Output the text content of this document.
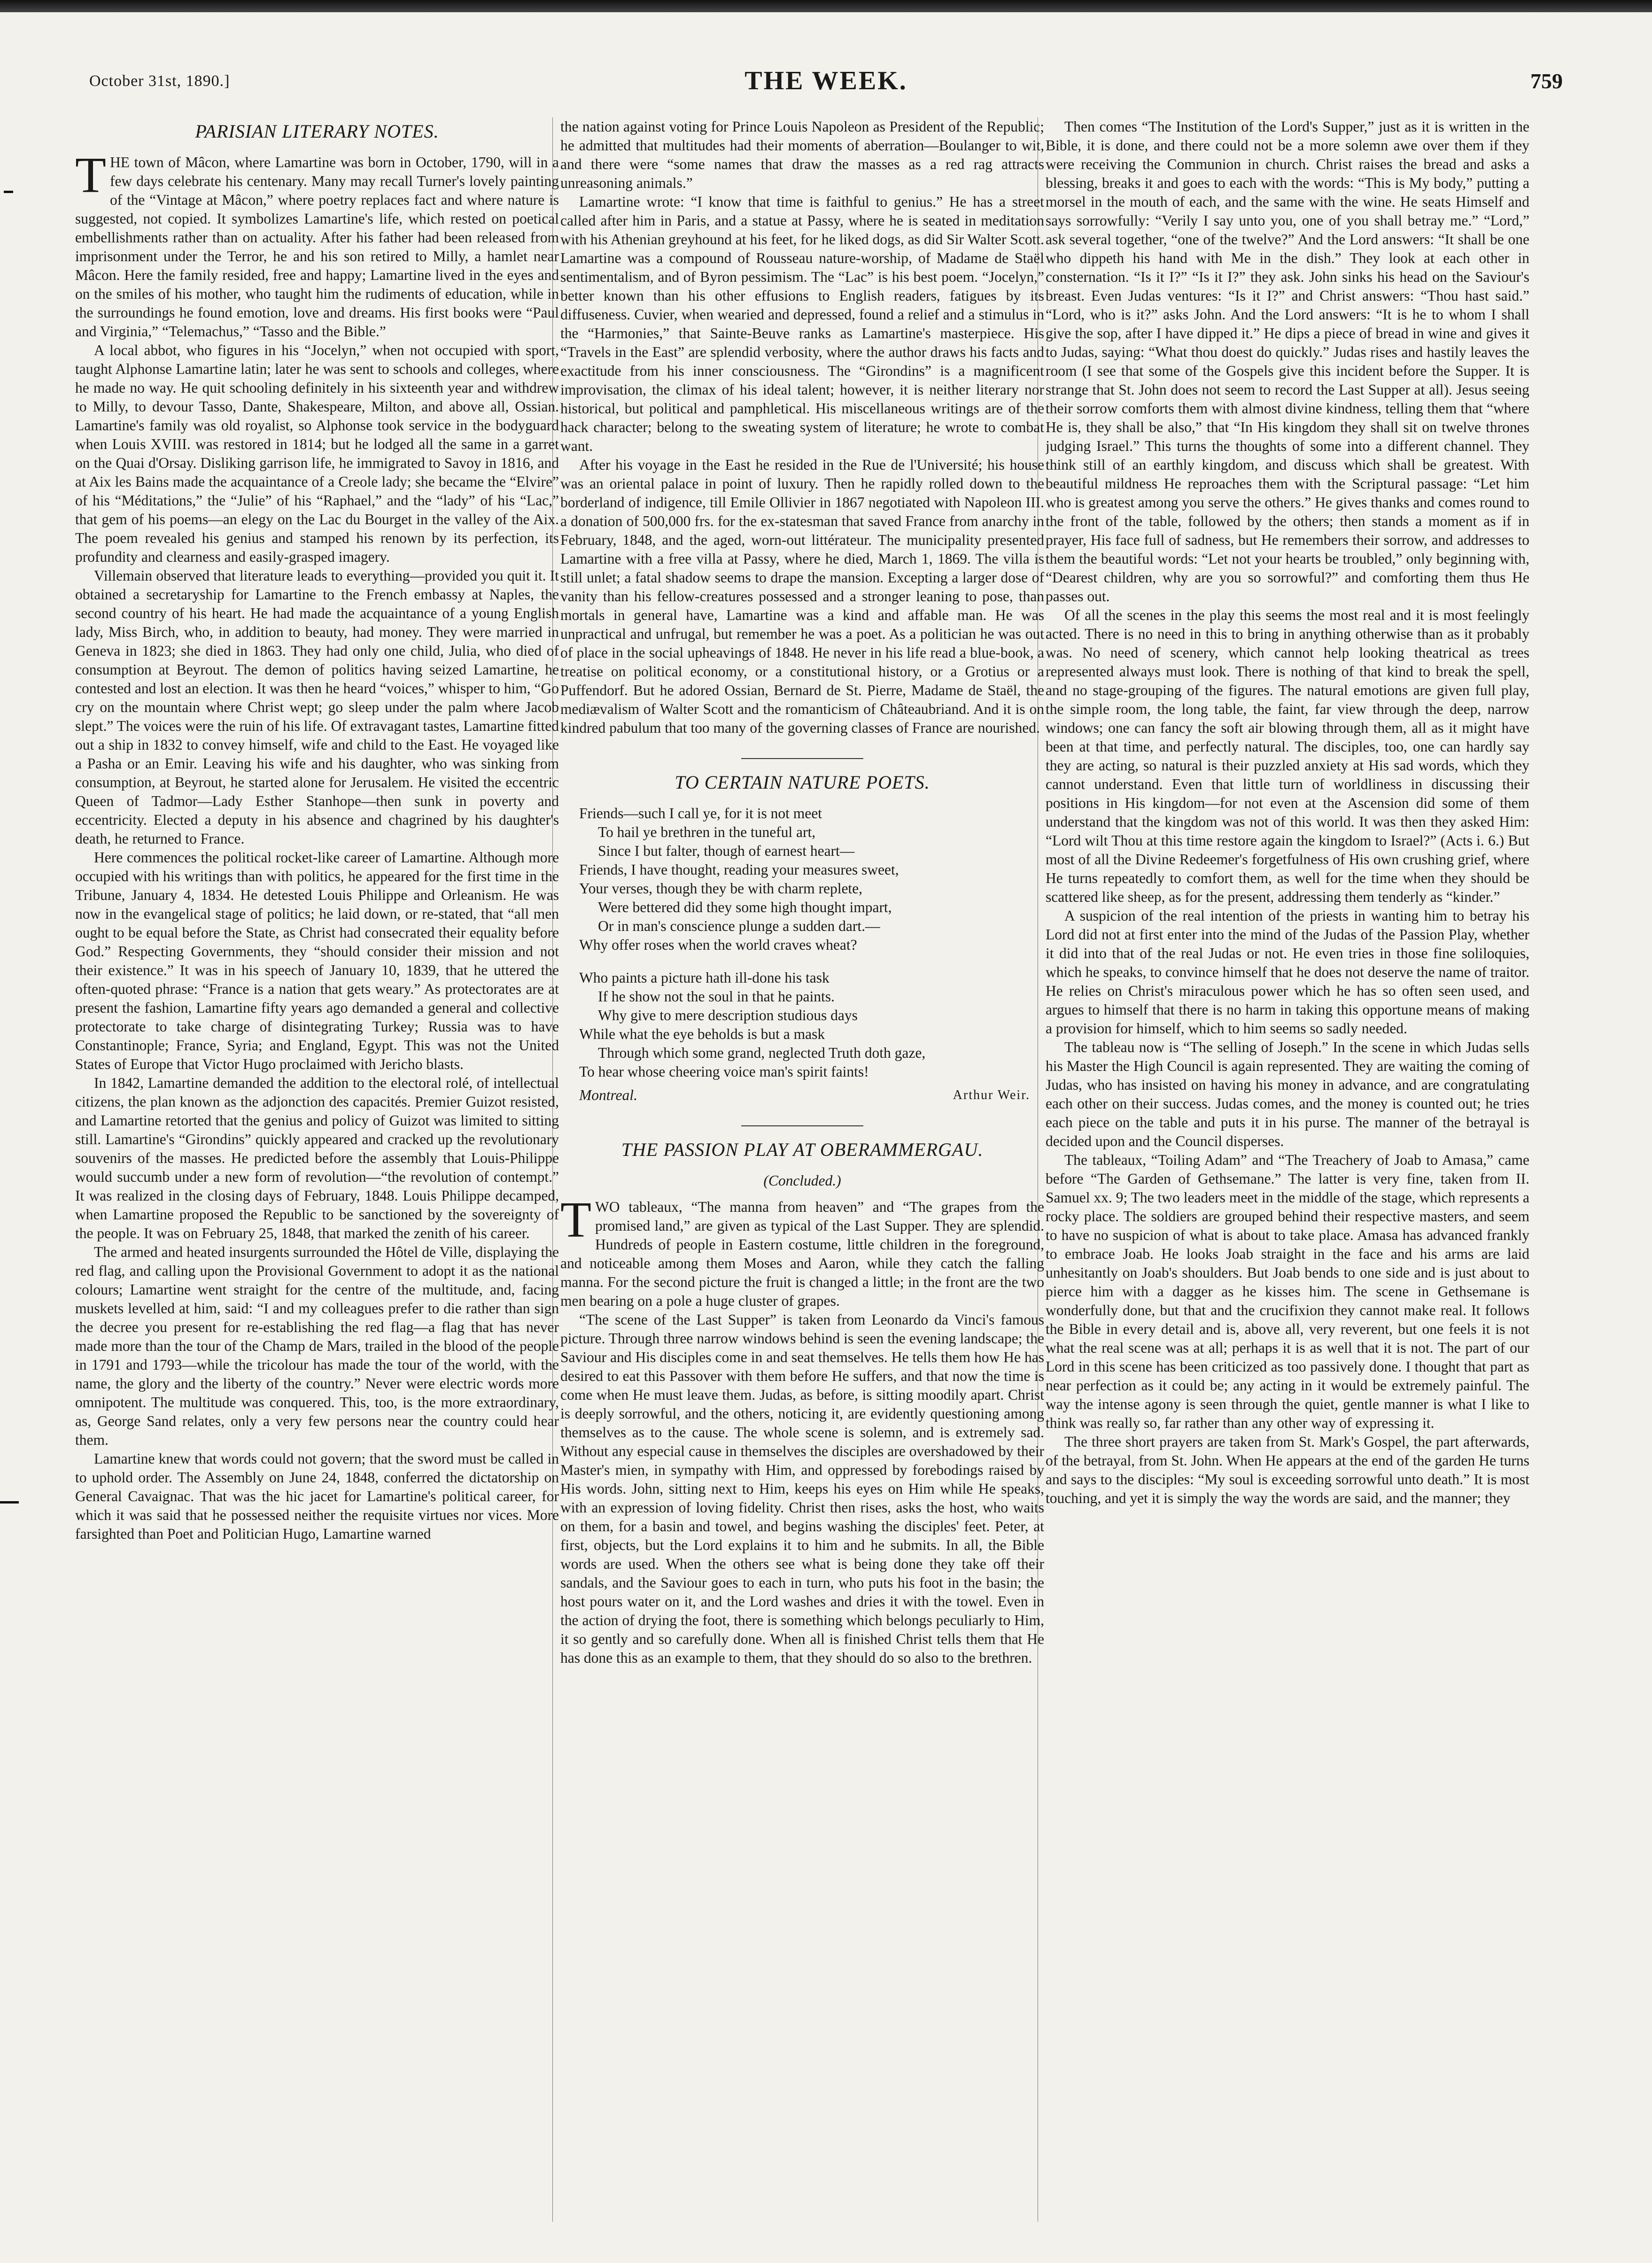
October 31st, 1890.]	THE WEEK.	759
PARISIAN LITERARY NOTES.

THE town of Mâcon, where Lamartine was born in October, 1790, will in a few days celebrate his centenary. Many may recall Turner's lovely painting of the “Vintage at Mâcon,” where poetry replaces fact and where nature is suggested, not copied. It symbolizes Lamartine's life, which rested on poetical embellishments rather than on actuality. After his father had been released from imprisonment under the Terror, he and his son retired to Milly, a hamlet near Mâcon. Here the family resided, free and happy; Lamartine lived in the eyes and on the smiles of his mother, who taught him the rudiments of education, while in the surroundings he found emotion, love and dreams. His first books were “Paul and Virginia,” “Telemachus,” “Tasso and the Bible.”

A local abbot, who figures in his “Jocelyn,” when not occupied with sport, taught Alphonse Lamartine latin; later he was sent to schools and colleges, where he made no way. He quit schooling definitely in his sixteenth year and withdrew to Milly, to devour Tasso, Dante, Shakespeare, Milton, and above all, Ossian. Lamartine's family was old royalist, so Alphonse took service in the bodyguard when Louis XVIII. was restored in 1814; but he lodged all the same in a garret on the Quai d'Orsay. Disliking garrison life, he immigrated to Savoy in 1816, and at Aix les Bains made the acquaintance of a Creole lady; she became the “Elvire” of his “Méditations,” the “Julie” of his “Raphael,” and the “lady” of his “Lac,” that gem of his poems—an elegy on the Lac du Bourget in the valley of the Aix. The poem revealed his genius and stamped his renown by its perfection, its profundity and clearness and easily-grasped imagery.

Villemain observed that literature leads to everything—provided you quit it. It obtained a secretaryship for Lamartine to the French embassy at Naples, the second country of his heart. He had made the acquaintance of a young English lady, Miss Birch, who, in addition to beauty, had money. They were married in Geneva in 1823; she died in 1863. They had only one child, Julia, who died of consumption at Beyrout. The demon of politics having seized Lamartine, he contested and lost an election. It was then he heard “voices,” whisper to him, “Go cry on the mountain where Christ wept; go sleep under the palm where Jacob slept.” The voices were the ruin of his life. Of extravagant tastes, Lamartine fitted out a ship in 1832 to convey himself, wife and child to the East. He voyaged like a Pasha or an Emir. Leaving his wife and his daughter, who was sinking from consumption, at Beyrout, he started alone for Jerusalem. He visited the eccentric Queen of Tadmor—Lady Esther Stanhope—then sunk in poverty and eccentricity. Elected a deputy in his absence and chagrined by his daughter's death, he returned to France.

Here commences the political rocket-like career of Lamartine. Although more occupied with his writings than with politics, he appeared for the first time in the Tribune, January 4, 1834. He detested Louis Philippe and Orleanism. He was now in the evangelical stage of politics; he laid down, or re-stated, that “all men ought to be equal before the State, as Christ had consecrated their equality before God.” Respecting Governments, they “should consider their mission and not their existence.” It was in his speech of January 10, 1839, that he uttered the often-quoted phrase: “France is a nation that gets weary.” As protectorates are at present the fashion, Lamartine fifty years ago demanded a general and collective protectorate to take charge of disintegrating Turkey; Russia was to have Constantinople; France, Syria; and England, Egypt. This was not the United States of Europe that Victor Hugo proclaimed with Jericho blasts.

In 1842, Lamartine demanded the addition to the electoral rolé, of intellectual citizens, the plan known as the adjonction des capacités. Premier Guizot resisted, and Lamartine retorted that the genius and policy of Guizot was limited to sitting still. Lamartine's “Girondins” quickly appeared and cracked up the revolutionary souvenirs of the masses. He predicted before the assembly that Louis-Philippe would succumb under a new form of revolution—“the revolution of contempt.” It was realized in the closing days of February, 1848. Louis Philippe decamped, when Lamartine proposed the Republic to be sanctioned by the sovereignty of the people. It was on February 25, 1848, that marked the zenith of his career.

The armed and heated insurgents surrounded the Hôtel de Ville, displaying the red flag, and calling upon the Provisional Government to adopt it as the national colours; Lamartine went straight for the centre of the multitude, and, facing muskets levelled at him, said: “I and my colleagues prefer to die rather than sign the decree you present for re-establishing the red flag—a flag that has never made more than the tour of the Champ de Mars, trailed in the blood of the people in 1791 and 1793—while the tricolour has made the tour of the world, with the name, the glory and the liberty of the country.” Never were electric words more omnipotent. The multitude was conquered. This, too, is the more extraordinary, as, George Sand relates, only a very few persons near the country could hear them.

Lamartine knew that words could not govern; that the sword must be called in to uphold order. The Assembly on June 24, 1848, conferred the dictatorship on General Cavaignac. That was the hic jacet for Lamartine's political career, for which it was said that he possessed neither the requisite virtues nor vices. More farsighted than Poet and Politician Hugo, Lamartine warned

the nation against voting for Prince Louis Napoleon as President of the Republic; he admitted that multitudes had their moments of aberration—Boulanger to wit, and there were “some names that draw the masses as a red rag attracts unreasoning animals.”

Lamartine wrote: “I know that time is faithful to genius.” He has a street called after him in Paris, and a statue at Passy, where he is seated in meditation with his Athenian greyhound at his feet, for he liked dogs, as did Sir Walter Scott. Lamartine was a compound of Rousseau nature-worship, of Madame de Staël sentimentalism, and of Byron pessimism. The “Lac” is his best poem. “Jocelyn,” better known than his other effusions to English readers, fatigues by its diffuseness. Cuvier, when wearied and depressed, found a relief and a stimulus in the “Harmonies,” that Sainte-Beuve ranks as Lamartine's masterpiece. His “Travels in the East” are splendid verbosity, where the author draws his facts and exactitude from his inner consciousness. The “Girondins” is a magnificent improvisation, the climax of his ideal talent; however, it is neither literary nor historical, but political and pamphletical. His miscellaneous writings are of the hack character; belong to the sweating system of literature; he wrote to combat want.

After his voyage in the East he resided in the Rue de l'Université; his house was an oriental palace in point of luxury. Then he rapidly rolled down to the borderland of indigence, till Emile Ollivier in 1867 negotiated with Napoleon III. a donation of 500,000 frs. for the ex-statesman that saved France from anarchy in February, 1848, and the aged, worn-out littérateur. The municipality presented Lamartine with a free villa at Passy, where he died, March 1, 1869. The villa is still unlet; a fatal shadow seems to drape the mansion. Excepting a larger dose of vanity than his fellow-creatures possessed and a stronger leaning to pose, than mortals in general have, Lamartine was a kind and affable man. He was unpractical and unfrugal, but remember he was a poet. As a politician he was out of place in the social upheavings of 1848. He never in his life read a blue-book, a treatise on political economy, or a constitutional history, or a Grotius or a Puffendorf. But he adored Ossian, Bernard de St. Pierre, Madame de Staël, the mediævalism of Walter Scott and the romanticism of Châteaubriand. And it is on kindred pabulum that too many of the governing classes of France are nourished.

TO CERTAIN NATURE POETS.
Friends—such I call ye, for it is not meet
To hail ye brethren in the tuneful art,
Since I but falter, though of earnest heart—
Friends, I have thought, reading your measures sweet,
Your verses, though they be with charm replete,
Were bettered did they some high thought impart,
Or in man's conscience plunge a sudden dart.—
Why offer roses when the world craves wheat?
Who paints a picture hath ill-done his task
If he show not the soul in that he paints.
Why give to mere description studious days
While what the eye beholds is but a mask
Through which some grand, neglected Truth doth gaze,
To hear whose cheering voice man's spirit faints!
Montreal.	Arthur Weir.
THE PASSION PLAY AT OBERAMMERGAU.
(Concluded.)

TWO tableaux, “The manna from heaven” and “The grapes from the promised land,” are given as typical of the Last Supper. They are splendid. Hundreds of people in Eastern costume, little children in the foreground, and noticeable among them Moses and Aaron, while they catch the falling manna. For the second picture the fruit is changed a little; in the front are the two men bearing on a pole a huge cluster of grapes.

“The scene of the Last Supper” is taken from Leonardo da Vinci's famous picture. Through three narrow windows behind is seen the evening landscape; the Saviour and His disciples come in and seat themselves. He tells them how He has desired to eat this Passover with them before He suffers, and that now the time is come when He must leave them. Judas, as before, is sitting moodily apart. Christ is deeply sorrowful, and the others, noticing it, are evidently questioning among themselves as to the cause. The whole scene is solemn, and is extremely sad. Without any especial cause in themselves the disciples are overshadowed by their Master's mien, in sympathy with Him, and oppressed by forebodings raised by His words. John, sitting next to Him, keeps his eyes on Him while He speaks, with an expression of loving fidelity. Christ then rises, asks the host, who waits on them, for a basin and towel, and begins washing the disciples' feet. Peter, at first, objects, but the Lord explains it to him and he submits. In all, the Bible words are used. When the others see what is being done they take off their sandals, and the Saviour goes to each in turn, who puts his foot in the basin; the host pours water on it, and the Lord washes and dries it with the towel. Even in the action of drying the foot, there is something which belongs peculiarly to Him, it so gently and so carefully done. When all is finished Christ tells them that He has done this as an example to them, that they should do so also to the brethren.

Then comes “The Institution of the Lord's Supper,” just as it is written in the Bible, it is done, and there could not be a more solemn awe over them if they were receiving the Communion in church. Christ raises the bread and asks a blessing, breaks it and goes to each with the words: “This is My body,” putting a morsel in the mouth of each, and the same with the wine. He seats Himself and says sorrowfully: “Verily I say unto you, one of you shall betray me.” “Lord,” ask several together, “one of the twelve?” And the Lord answers: “It shall be one who dippeth his hand with Me in the dish.” They look at each other in consternation. “Is it I?” “Is it I?” they ask. John sinks his head on the Saviour's breast. Even Judas ventures: “Is it I?” and Christ answers: “Thou hast said.” “Lord, who is it?” asks John. And the Lord answers: “It is he to whom I shall give the sop, after I have dipped it.” He dips a piece of bread in wine and gives it to Judas, saying: “What thou doest do quickly.” Judas rises and hastily leaves the room (I see that some of the Gospels give this incident before the Supper. It is strange that St. John does not seem to record the Last Supper at all). Jesus seeing their sorrow comforts them with almost divine kindness, telling them that “where He is, they shall be also,” that “In His kingdom they shall sit on twelve thrones judging Israel.” This turns the thoughts of some into a different channel. They think still of an earthly kingdom, and discuss which shall be greatest. With beautiful mildness He reproaches them with the Scriptural passage: “Let him who is greatest among you serve the others.” He gives thanks and comes round to the front of the table, followed by the others; then stands a moment as if in prayer, His face full of sadness, but He remembers their sorrow, and addresses to them the beautiful words: “Let not your hearts be troubled,” only beginning with, “Dearest children, why are you so sorrowful?” and comforting them thus He passes out.

Of all the scenes in the play this seems the most real and it is most feelingly acted. There is no need in this to bring in anything otherwise than as it probably was. No need of scenery, which cannot help looking theatrical as trees represented always must look. There is nothing of that kind to break the spell, and no stage-grouping of the figures. The natural emotions are given full play, the simple room, the long table, the faint, far view through the deep, narrow windows; one can fancy the soft air blowing through them, all as it might have been at that time, and perfectly natural. The disciples, too, one can hardly say they are acting, so natural is their puzzled anxiety at His sad words, which they cannot understand. Even that little turn of worldliness in discussing their positions in His kingdom—for not even at the Ascension did some of them understand that the kingdom was not of this world. It was then they asked Him: “Lord wilt Thou at this time restore again the kingdom to Israel?” (Acts i. 6.) But most of all the Divine Redeemer's forgetfulness of His own crushing grief, where He turns repeatedly to comfort them, as well for the time when they should be scattered like sheep, as for the present, addressing them tenderly as “kinder.”

A suspicion of the real intention of the priests in wanting him to betray his Lord did not at first enter into the mind of the Judas of the Passion Play, whether it did into that of the real Judas or not. He even tries in those fine soliloquies, which he speaks, to convince himself that he does not deserve the name of traitor. He relies on Christ's miraculous power which he has so often seen used, and argues to himself that there is no harm in taking this opportune means of making a provision for himself, which to him seems so sadly needed.

The tableau now is “The selling of Joseph.” In the scene in which Judas sells his Master the High Council is again represented. They are waiting the coming of Judas, who has insisted on having his money in advance, and are congratulating each other on their success. Judas comes, and the money is counted out; he tries each piece on the table and puts it in his purse. The manner of the betrayal is decided upon and the Council disperses.

The tableaux, “Toiling Adam” and “The Treachery of Joab to Amasa,” came before “The Garden of Gethsemane.” The latter is very fine, taken from II. Samuel xx. 9; The two leaders meet in the middle of the stage, which represents a rocky place. The soldiers are grouped behind their respective masters, and seem to have no suspicion of what is about to take place. Amasa has advanced frankly to embrace Joab. He looks Joab straight in the face and his arms are laid unhesitantly on Joab's shoulders. But Joab bends to one side and is just about to pierce him with a dagger as he kisses him. The scene in Gethsemane is wonderfully done, but that and the crucifixion they cannot make real. It follows the Bible in every detail and is, above all, very reverent, but one feels it is not what the real scene was at all; perhaps it is as well that it is not. The part of our Lord in this scene has been criticized as too passively done. I thought that part as near perfection as it could be; any acting in it would be extremely painful. The way the intense agony is seen through the quiet, gentle manner is what I like to think was really so, far rather than any other way of expressing it.

The three short prayers are taken from St. Mark's Gospel, the part afterwards, of the betrayal, from St. John. When He appears at the end of the garden He turns and says to the disciples: “My soul is exceeding sorrowful unto death.” It is most touching, and yet it is simply the way the words are said, and the manner; they
